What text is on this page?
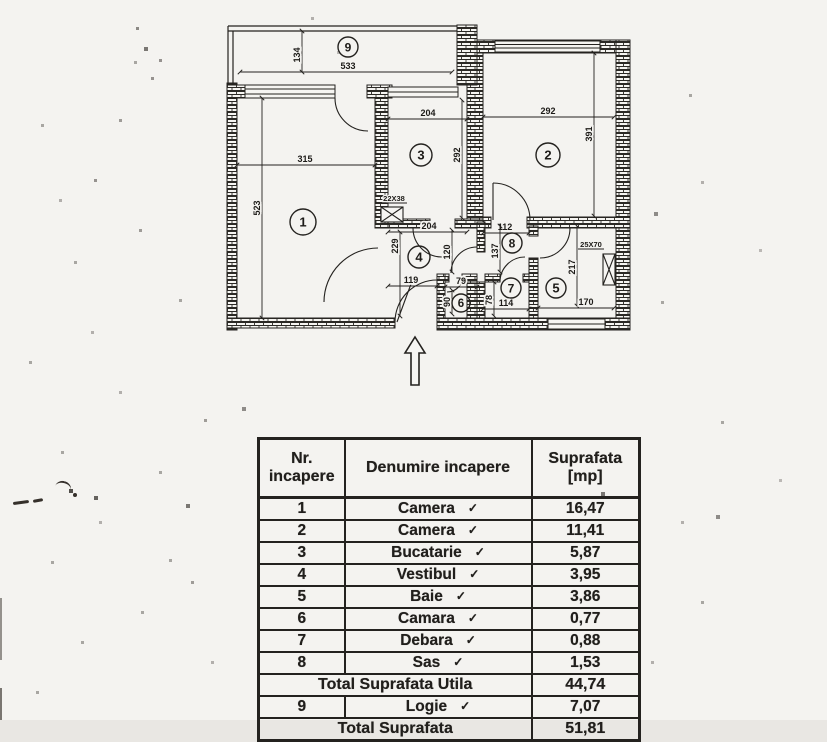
134
533
315
523
204
292
292
391
204
229	120
112
137
119	79
90	78 114
217
170
22X38
25X70
1
2
3
4
5
6
7
8
9
Nr. incapere	Denumire incapere	Suprafata [mp]
1	Camera ✓	16,47
2	Camera ✓	11,41
3	Bucatarie ✓	5,87
4	Vestibul ✓	3,95
5	Baie ✓	3,86
6	Camara ✓	0,77
7	Debara ✓	0,88
8	Sas ✓	1,53
Total Suprafata Utila		44,74
9	Logie ✓	7,07
Total Suprafata		51,81
